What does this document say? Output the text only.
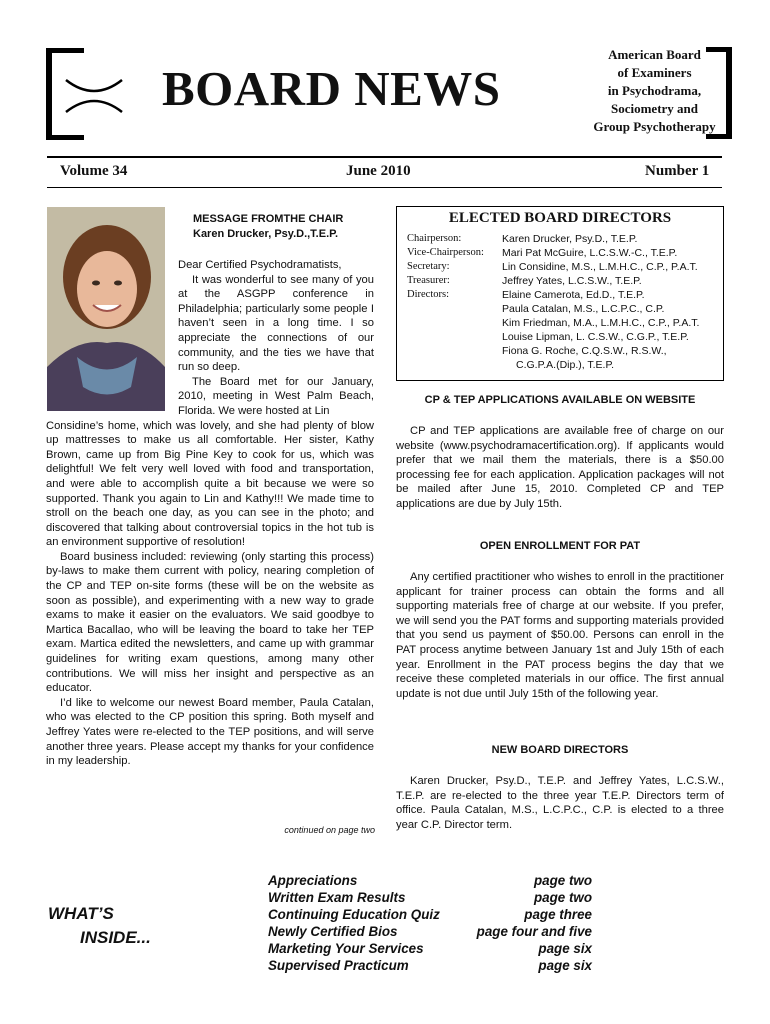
BOARD NEWS
American Board
of Examiners
in Psychodrama,
Sociometry and
Group Psychotherapy
Volume 34	June 2010	Number 1
MESSAGE FROMTHE CHAIR
Karen Drucker, Psy.D.,T.E.P.

Dear Certified Psychodramatists,

It was wonderful to see many of you at the ASGPP conference in Philadelphia; particularly some people I haven’t seen in a long time. I so appreciate the connections of our community, and the ties we have that run so deep.

The Board met for our January, 2010, meeting in West Palm Beach, Florida. We were hosted at Lin

Considine’s home, which was lovely, and she had plenty of blow up mattresses to make us all comfortable. Her sister, Kathy Brown, came up from Big Pine Key to cook for us, which was delightful! We felt very well loved with food and transportation, and were able to accomplish quite a bit because we were so supported. Thank you again to Lin and Kathy!!! We made time to stroll on the beach one day, as you can see in the photo; and discovered that talking about controversial topics in the hot tub is an environment supportive of resolution!

Board business included: reviewing (only starting this process) by-laws to make them current with policy, nearing completion of the CP and TEP on-site forms (these will be on the website as soon as possible), and experimenting with a new way to grade exams to make it easier on the evaluators. We said goodbye to Martica Bacallao, who will be leaving the board to take her TEP exam. Martica edited the newsletters, and came up with grammar guidelines for writing exam questions, among many other contributions. We will miss her insight and perspective as an educator.

I’d like to welcome our newest Board member, Paula Catalan, who was elected to the CP position this spring. Both myself and Jeffrey Yates were re-elected to the TEP positions, and will serve another three years. Please accept my thanks for your confidence in my leadership.

continued on page two
ELECTED BOARD DIRECTORS
Chairperson:	Karen Drucker, Psy.D., T.E.P.
Vice-Chairperson:	Mari Pat McGuire, L.C.S.W.-C., T.E.P.
Secretary:	Lin Considine, M.S., L.M.H.C., C.P., P.A.T.
Treasurer:	Jeffrey Yates, L.C.S.W., T.E.P.
Directors:	Elaine Camerota, Ed.D., T.E.P.
Paula Catalan, M.S., L.C.P.C., C.P.
Kim Friedman, M.A., L.M.H.C., C.P., P.A.T.
Louise Lipman, L. C.S.W., C.G.P., T.E.P.
Fiona G. Roche, C.Q.S.W., R.S.W.,
C.G.P.A.(Dip.), T.E.P.
CP & TEP APPLICATIONS AVAILABLE ON WEBSITE

CP and TEP applications are available free of charge on our website (www.psychodramacertification.org). If applicants would prefer that we mail them the materials, there is a $50.00 processing fee for each application. Application packages will not be mailed after June 15, 2010. Completed CP and TEP applications are due by July 15th.

OPEN ENROLLMENT FOR PAT

Any certified practitioner who wishes to enroll in the practitioner applicant for trainer process can obtain the forms and all supporting materials free of charge at our website. If you prefer, we will send you the PAT forms and supporting materials provided that you send us payment of $50.00. Persons can enroll in the PAT process anytime between January 1st and July 15th of each year. Enrollment in the PAT process begins the day that we receive these completed materials in our office. The first annual update is not due until July 15th of the following year.

NEW BOARD DIRECTORS

Karen Drucker, Psy.D., T.E.P. and Jeffrey Yates, L.C.S.W., T.E.P. are re-elected to the three year T.E.P. Directors term of office. Paula Catalan, M.S., L.C.P.C., C.P. is elected to a three year C.P. Director term.

WHAT’S
INSIDE...
Appreciations	page two
Written Exam Results	page two
Continuing Education Quiz	page three
Newly Certified Bios	page four and five
Marketing Your Services	page six
Supervised Practicum	page six
